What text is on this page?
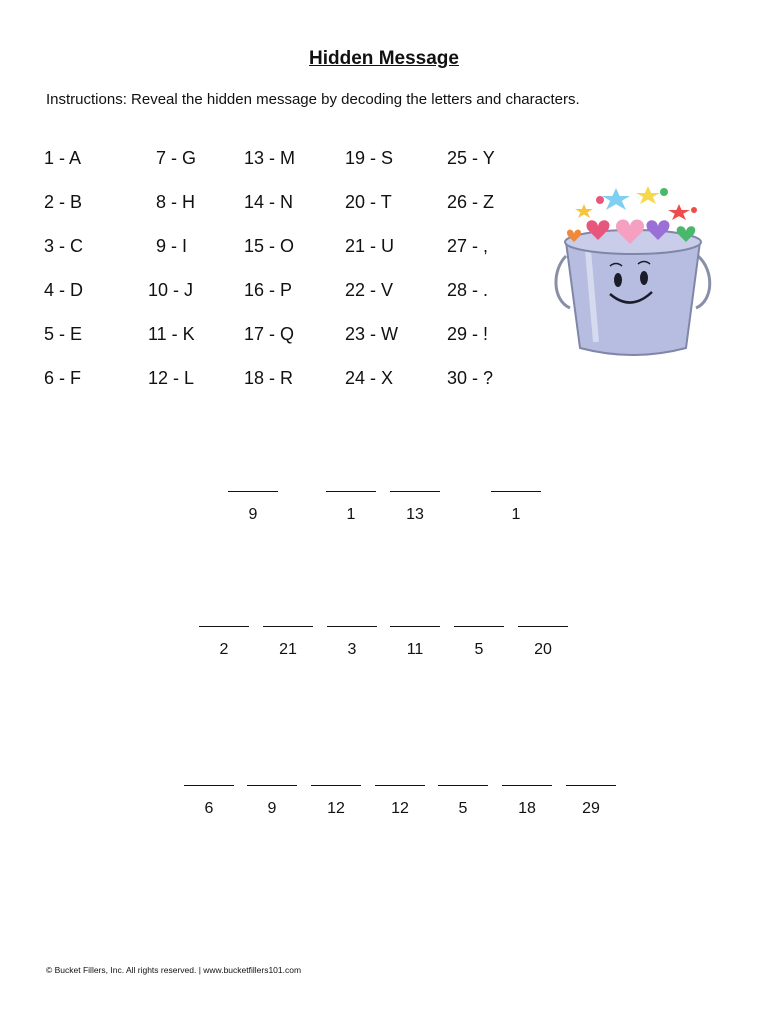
Hidden Message
Instructions: Reveal the hidden message by decoding the letters and characters.
1 - A	7 - G	13 - M	19 - S	25 - Y
2 - B	8 - H	14 - N	20 - T	26 - Z
3 - C	9 - I	15 - O	21 - U	27 - ,
4 - D	10 - J	16 - P	22 - V	28 - .
5 - E	11 - K	17 - Q	23 - W	29 - !
6 - F	12 - L	18 - R	24 - X	30 - ?
9	1	13	1
2	21	3	11	5	20
6	9	12	12	5	18	29
© Bucket Fillers, Inc. All rights reserved. | www.bucketfillers101.com
